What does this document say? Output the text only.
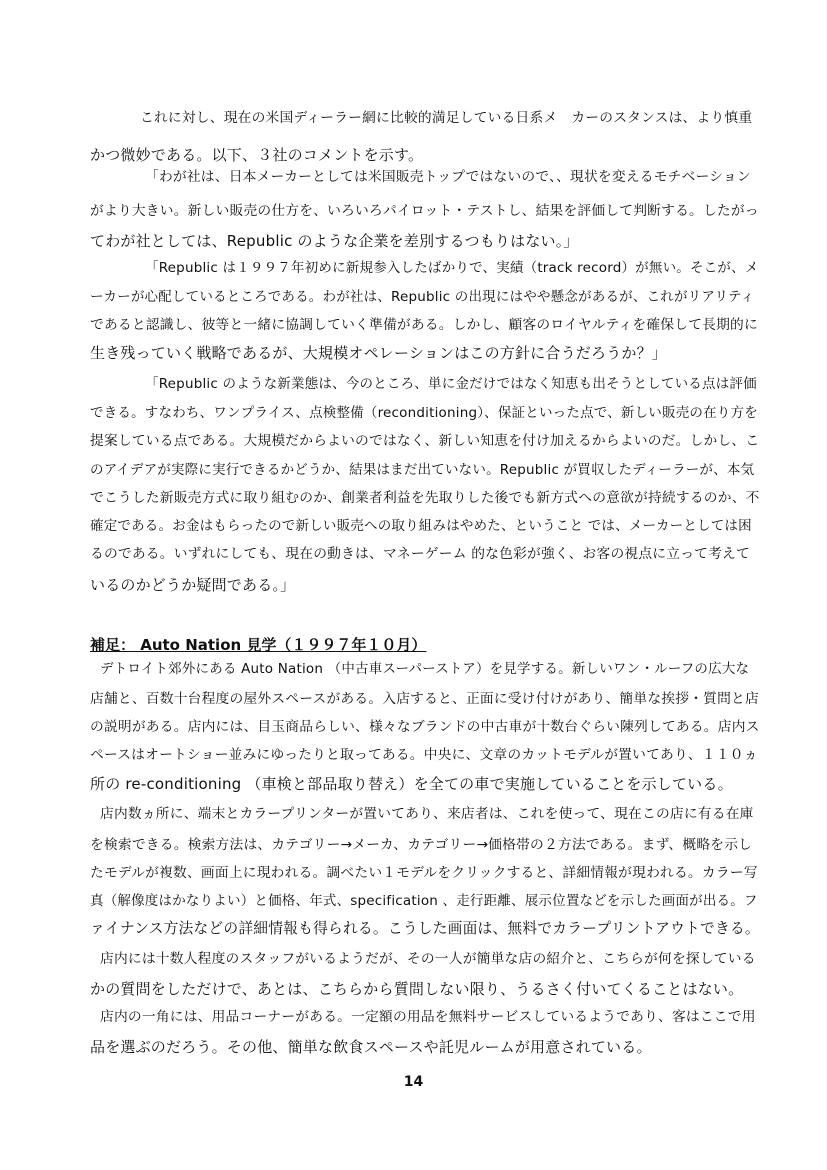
これに対し、現在の米国ディーラー網に比較的満足している日系メ　カーのスタンスは、より慎重
かつ微妙である。以下、３社のコメントを示す。
「わが社は、日本メーカーとしては米国販売トップではないので、、現状を変えるモチベーション
がより大きい。新しい販売の仕方を、いろいろパイロット・テストし、結果を評価して判断する。したがっ
てわが社としては、Republic のような企業を差別するつもりはない。」
「Republic は１９９７年初めに新規参入したばかりで、実績（track record）が無い。そこが、メ
ーカーが心配しているところである。わが社は、Republic の出現にはやや懸念があるが、これがリアリティ
であると認識し、彼等と一緒に協調していく準備がある。しかし、顧客のロイヤルティを確保して長期的に
生き残っていく戦略であるが、大規模オペレーションはこの方針に合うだろうか？」
「Republic のような新業態は、今のところ、単に金だけではなく知恵も出そうとしている点は評価
できる。すなわち、ワンプライス、点検整備（reconditioning）、保証といった点で、新しい販売の在り方を
提案している点である。大規模だからよいのではなく、新しい知恵を付け加えるからよいのだ。しかし、こ
のアイデアが実際に実行できるかどうか、結果はまだ出ていない。Republic が買収したディーラーが、本気
でこうした新販売方式に取り組むのか、創業者利益を先取りした後でも新方式への意欲が持続するのか、不
確定である。お金はもらったので新しい販売への取り組みはやめた、ということ では、メーカーとしては困
るのである。いずれにしても、現在の動きは、マネーゲーム 的な色彩が強く、お客の視点に立って考えて
いるのかどうか疑問である。」
補足： Auto Nation 見学（１９９７年１０月）
デトロイト郊外にある Auto Nation （中古車スーパーストア）を見学する。新しいワン・ルーフの広大な
店舗と、百数十台程度の屋外スペースがある。入店すると、正面に受け付けがあり、簡単な挨拶・質問と店
の説明がある。店内には、目玉商品らしい、様々なブランドの中古車が十数台ぐらい陳列してある。店内ス
ペースはオートショー並みにゆったりと取ってある。中央に、文章のカットモデルが置いてあり、１１０ヵ
所の re-conditioning （車検と部品取り替え）を全ての車で実施していることを示している。
店内数ヵ所に、端末とカラープリンターが置いてあり、来店者は、これを使って、現在この店に有る在庫
を検索できる。検索方法は、カテゴリー→メーカ、カテゴリー→価格帯の２方法である。まず、概略を示し
たモデルが複数、画面上に現われる。調べたい１モデルをクリックすると、詳細情報が現われる。カラー写
真（解像度はかなりよい）と価格、年式、specification 、走行距離、展示位置などを示した画面が出る。フ
ァイナンス方法などの詳細情報も得られる。こうした画面は、無料でカラープリントアウトできる。
店内には十数人程度のスタッフがいるようだが、その一人が簡単な店の紹介と、こちらが何を探している
かの質問をしただけで、あとは、こちらから質問しない限り、うるさく付いてくることはない。
店内の一角には、用品コーナーがある。一定額の用品を無料サービスしているようであり、客はここで用
品を選ぶのだろう。その他、簡単な飲食スペースや託児ルームが用意されている。
14
